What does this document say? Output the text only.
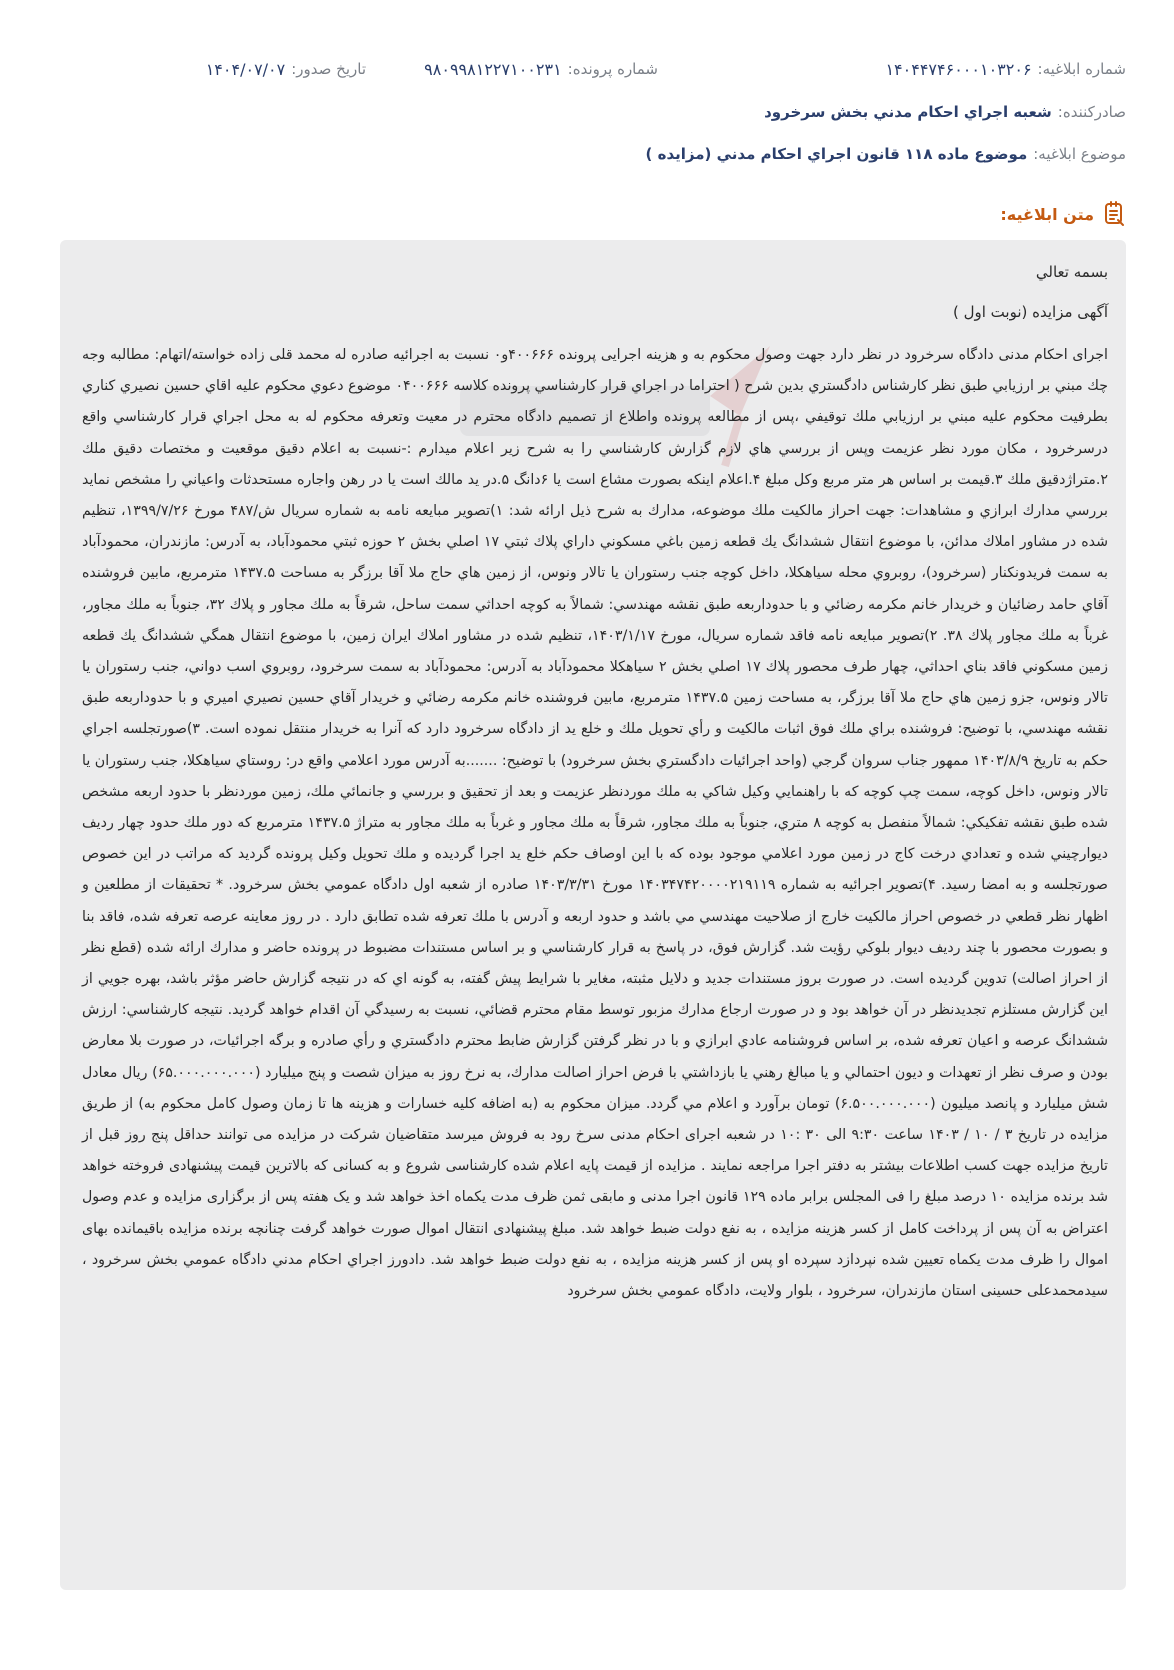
شماره ابلاغيه:
۱۴۰۴۴۷۴۶۰۰۰۱۰۳۲۰۶
شماره پرونده:
۹۸۰۹۹۸۱۲۲۷۱۰۰۲۳۱
تاريخ صدور:
۱۴۰۴/۰۷/۰۷
صادرکننده:
شعبه اجراي احکام مدني بخش سرخرود
موضوع ابلاغيه:
موضوع ماده ۱۱۸ قانون اجراي احکام مدني (مزايده )
متن ابلاغيه:
بسمه تعالي
آگهی مزایده (نوبت اول )

اجرای احکام مدنی دادگاه سرخرود در نظر دارد جهت وصول محکوم به و هزینه اجرایی پرونده ۴۰۰۶۶۶و۰ نسبت به اجرائیه صادره له محمد قلی زاده خواسته/اتهام: مطالبه وجه چك مبني بر ارزيابي طبق نظر كارشناس دادگستري بدين شرح ( احتراما در اجراي قرار كارشناسي پرونده كلاسه ۰۴۰۰۶۶۶ موضوع دعوي محكوم عليه اقاي حسين نصيري كناري بطرفيت محكوم عليه مبني بر ارزيابي ملك توقيفي ،پس از مطالعه پرونده واطلاع از تصميم دادگاه محترم در معيت وتعرفه محكوم له به محل اجراي قرار كارشناسي واقع درسرخرود ، مكان مورد نظر عزيمت وپس از بررسي هاي لازم گزارش كارشناسي را به شرح زير اعلام ميدارم :-نسبت به اعلام دقيق موقعيت و مختصات دقيق ملك ۲.متراژدقيق ملك ۳.قيمت بر اساس هر متر مربع وكل مبلغ ۴.اعلام اينكه بصورت مشاع است يا ۶دانگ ۵.در يد مالك است يا در رهن واجاره مستحدثات واعياني را مشخص نمايد بررسي مدارك ابرازي و مشاهدات: جهت احراز مالکيت ملك موضوعه، مدارك به شرح ذيل ارائه شد: ۱)تصوير مبايعه نامه به شماره سريال ش/۴۸۷ مورخ ۱۳۹۹/۷/۲۶، تنظيم شده در مشاور املاك مدائن، با موضوع انتقال ششدانگ يك قطعه زمين باغي مسكوني داراي پلاك ثبتي ۱۷ اصلي بخش ۲ حوزه ثبتي محمودآباد، به آدرس: مازندران، محمودآباد به سمت فريدونكنار (سرخرود)، روبروي محله سياهكلا، داخل كوچه جنب رستوران يا تالار ونوس، از زمين هاي حاج ملا آقا برزگر به مساحت ۱۴۳۷.۵ مترمربع، مابين فروشنده آقاي حامد رضائيان و خريدار خانم مكرمه رضائي و با حدوداربعه طبق نقشه مهندسي: شمالاً به كوچه احداثي سمت ساحل، شرقاً به ملك مجاور و پلاك ۳۲، جنوباً به ملك مجاور، غرباً به ملك مجاور پلاك ۳۸. ۲)تصوير مبايعه نامه فاقد شماره سريال، مورخ ۱۴۰۳/۱/۱۷، تنظيم شده در مشاور املاك ايران زمين، با موضوع انتقال همگي ششدانگ يك قطعه زمين مسكوني فاقد بناي احداثي، چهار طرف محصور پلاك ۱۷ اصلي بخش ۲ سياهكلا محمودآباد به آدرس: محمودآباد به سمت سرخرود، روبروي اسب دواني، جنب رستوران يا تالار ونوس، جزو زمين هاي حاج ملا آقا برزگر، به مساحت زمين ۱۴۳۷.۵ مترمربع، مابين فروشنده خانم مكرمه رضائي و خريدار آقاي حسين نصيري اميري و با حدوداربعه طبق نقشه مهندسي، با توضيح: فروشنده براي ملك فوق اثبات مالكيت و رأي تحويل ملك و خلع يد از دادگاه سرخرود دارد كه آنرا به خريدار منتقل نموده است. ۳)صورتجلسه اجراي حكم به تاريخ ۱۴۰۳/۸/۹ ممهور جناب سروان گرجي (واحد اجرائيات دادگستري بخش سرخرود) با توضيح: .......به آدرس مورد اعلامي واقع در: روستاي سياهكلا، جنب رستوران يا تالار ونوس، داخل كوچه، سمت چپ كوچه كه با راهنمايي وكيل شاكي به ملك موردنظر عزيمت و بعد از تحقيق و بررسي و جانمائي ملك، زمين موردنظر با حدود اربعه مشخص شده طبق نقشه تفكيكي: شمالاً منفصل به كوچه ۸ متري، جنوباً به ملك مجاور، شرقاً به ملك مجاور و غرباً به ملك مجاور به متراژ ۱۴۳۷.۵ مترمربع كه دور ملك حدود چهار رديف ديوارچيني شده و تعدادي درخت كاج در زمين مورد اعلامي موجود بوده كه با اين اوصاف حكم خلع يد اجرا گرديده و ملك تحويل وكيل پرونده گرديد كه مراتب در اين خصوص صورتجلسه و به امضا رسيد. ۴)تصوير اجرائيه به شماره ۱۴۰۳۴۷۴۲۰۰۰۰۲۱۹۱۱۹ مورخ ۱۴۰۳/۳/۳۱ صادره از شعبه اول دادگاه عمومي بخش سرخرود. * تحقيقات از مطلعين و اظهار نظر قطعي در خصوص احراز مالكيت خارج از صلاحيت مهندسي مي باشد و حدود اربعه و آدرس با ملك تعرفه شده تطابق دارد . در روز معاينه عرصه تعرفه شده، فاقد بنا و بصورت محصور با چند رديف ديوار بلوكي رؤيت شد. گزارش فوق، در پاسخ به قرار كارشناسي و بر اساس مستندات مضبوط در پرونده حاضر و مدارك ارائه شده (قطع نظر از احراز اصالت) تدوين گرديده است. در صورت بروز مستندات جديد و دلايل مثبته، مغاير با شرايط پيش گفته، به گونه اي كه در نتيجه گزارش حاضر مؤثر باشد، بهره جويي از اين گزارش مستلزم تجديدنظر در آن خواهد بود و در صورت ارجاع مدارك مزبور توسط مقام محترم قضائي، نسبت به رسيدگي آن اقدام خواهد گرديد. نتيجه كارشناسي: ارزش ششدانگ عرصه و اعيان تعرفه شده، بر اساس فروشنامه عادي ابرازي و با در نظر گرفتن گزارش ضابط محترم دادگستري و رأي صادره و برگه اجرائيات، در صورت بلا معارض بودن و صرف نظر از تعهدات و ديون احتمالي و يا مبالغ رهني يا بازداشتي با فرض احراز اصالت مدارك، به نرخ روز به ميزان شصت و پنج ميليارد (۶۵.۰۰۰.۰۰۰.۰۰۰) ريال معادل شش ميليارد و پانصد ميليون (۶.۵۰۰.۰۰۰.۰۰۰) تومان برآورد و اعلام مي گردد. ميزان محکوم به (به اضافه کليه خسارات و هزينه ها تا زمان وصول کامل محکوم به) از طريق مزايده در تاريخ ۳ / ۱۰ / ۱۴۰۳ ساعت ۹:۳۰ الی ۳۰ :۱۰ در شعبه اجرای احکام مدنی سرخ رود به فروش میرسد متقاضیان شرکت در مزایده می توانند حداقل پنج روز قبل از تاریخ مزایده جهت کسب اطلاعات بیشتر به دفتر اجرا مراجعه نمایند . مزایده از قیمت پایه اعلام شده کارشناسی شروع و به کسانی که بالاترین قیمت پیشنهادی فروخته خواهد شد برنده مزایده ۱۰ درصد مبلغ را فی المجلس برابر ماده ۱۲۹ قانون اجرا مدنی و مابقی ثمن ظرف مدت یکماه اخذ خواهد شد و یک هفته پس از برگزاری مزایده و عدم وصول اعتراض به آن پس از پرداخت کامل از کسر هزینه مزایده ، به نفع دولت ضبط خواهد شد. مبلغ پیشنهادی انتقال اموال صورت خواهد گرفت چنانچه برنده مزایده باقیمانده بهای اموال را ظرف مدت یکماه تعیین شده نپردازد سپرده او پس از کسر هزینه مزایده ، به نفع دولت ضبط خواهد شد. دادورز اجراي احكام مدني دادگاه عمومي بخش سرخرود ، سيدمحمدعلی حسينی استان مازندران، سرخرود ، بلوار ولايت، دادگاه عمومي بخش سرخرود
